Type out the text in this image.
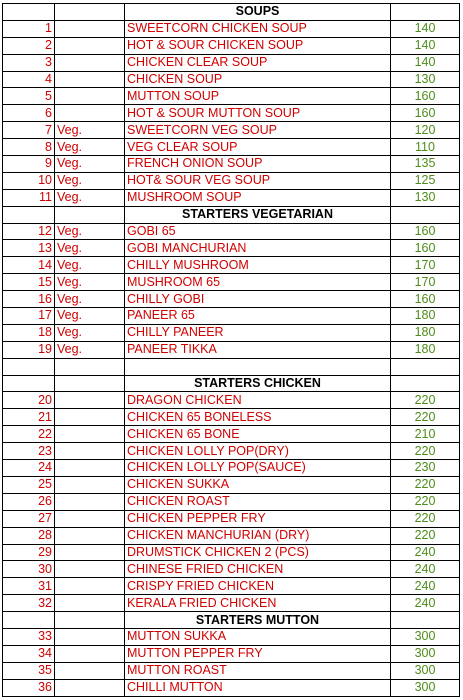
		SOUPS	
1		SWEETCORN CHICKEN SOUP	140
2		HOT & SOUR CHICKEN SOUP	140
3		CHICKEN CLEAR SOUP	140
4		CHICKEN SOUP	130
5		MUTTON SOUP	160
6		HOT & SOUR MUTTON SOUP	160
7	Veg.	SWEETCORN VEG SOUP	120
8	Veg.	VEG CLEAR SOUP	110
9	Veg.	FRENCH ONION SOUP	135
10	Veg.	HOT& SOUR VEG SOUP	125
11	Veg.	MUSHROOM SOUP	130
		STARTERS VEGETARIAN	
12	Veg.	GOBI 65	160
13	Veg.	GOBI MANCHURIAN	160
14	Veg.	CHILLY MUSHROOM	170
15	Veg.	MUSHROOM 65	170
16	Veg.	CHILLY GOBI	160
17	Veg.	PANEER 65	180
18	Veg.	CHILLY PANEER	180
19	Veg.	PANEER TIKKA	180

		STARTERS CHICKEN	
20		DRAGON CHICKEN	220
21		CHICKEN 65 BONELESS	220
22		CHICKEN 65 BONE	210
23		CHICKEN LOLLY POP(DRY)	220
24		CHICKEN LOLLY POP(SAUCE)	230
25		CHICKEN SUKKA	220
26		CHICKEN ROAST	220
27		CHICKEN PEPPER FRY	220
28		CHICKEN MANCHURIAN (DRY)	220
29		DRUMSTICK CHICKEN 2 (PCS)	240
30		CHINESE FRIED CHICKEN	240
31		CRISPY FRIED CHICKEN	240
32		KERALA FRIED CHICKEN	240
		STARTERS MUTTON	
33		MUTTON SUKKA	300
34		MUTTON PEPPER FRY	300
35		MUTTON ROAST	300
36		CHILLI MUTTON	300
